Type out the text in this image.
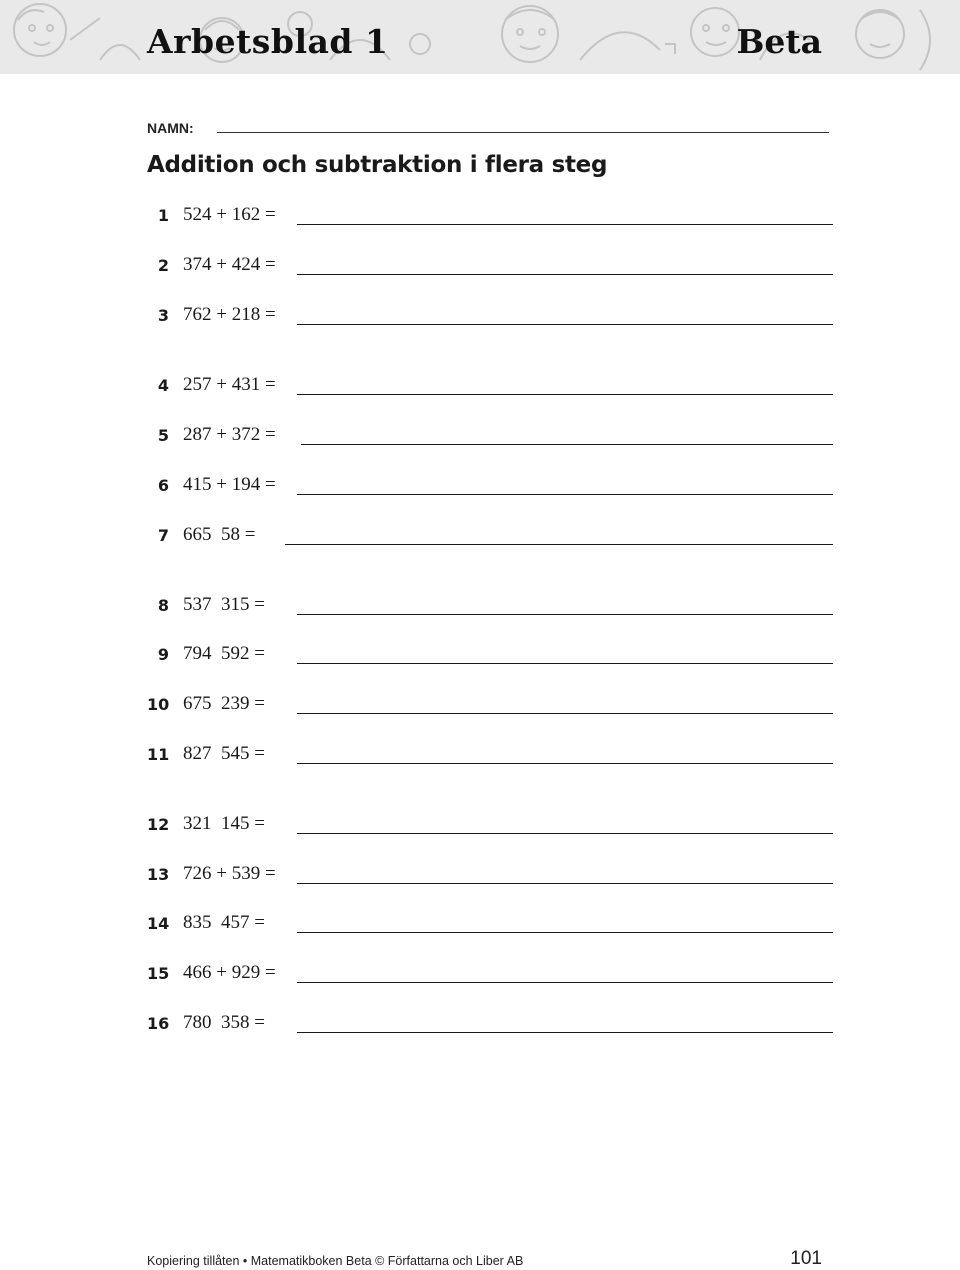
Arbetsblad 1	Beta
NAMN:
Addition och subtraktion i flera steg
1 524 + 162 =
2 374 + 424 =
3 762 + 218 =
4 257 + 431 =
5 287 + 372 =
6 415 + 194 =
7 665  58 =
8 537  315 =
9 794  592 =
10 675  239 =
11 827  545 =
12 321  145 =
13 726 + 539 =
14 835  457 =
15 466 + 929 =
16 780  358 =
Kopiering tillåten • Matematikboken Beta © Författarna och Liber AB	101
